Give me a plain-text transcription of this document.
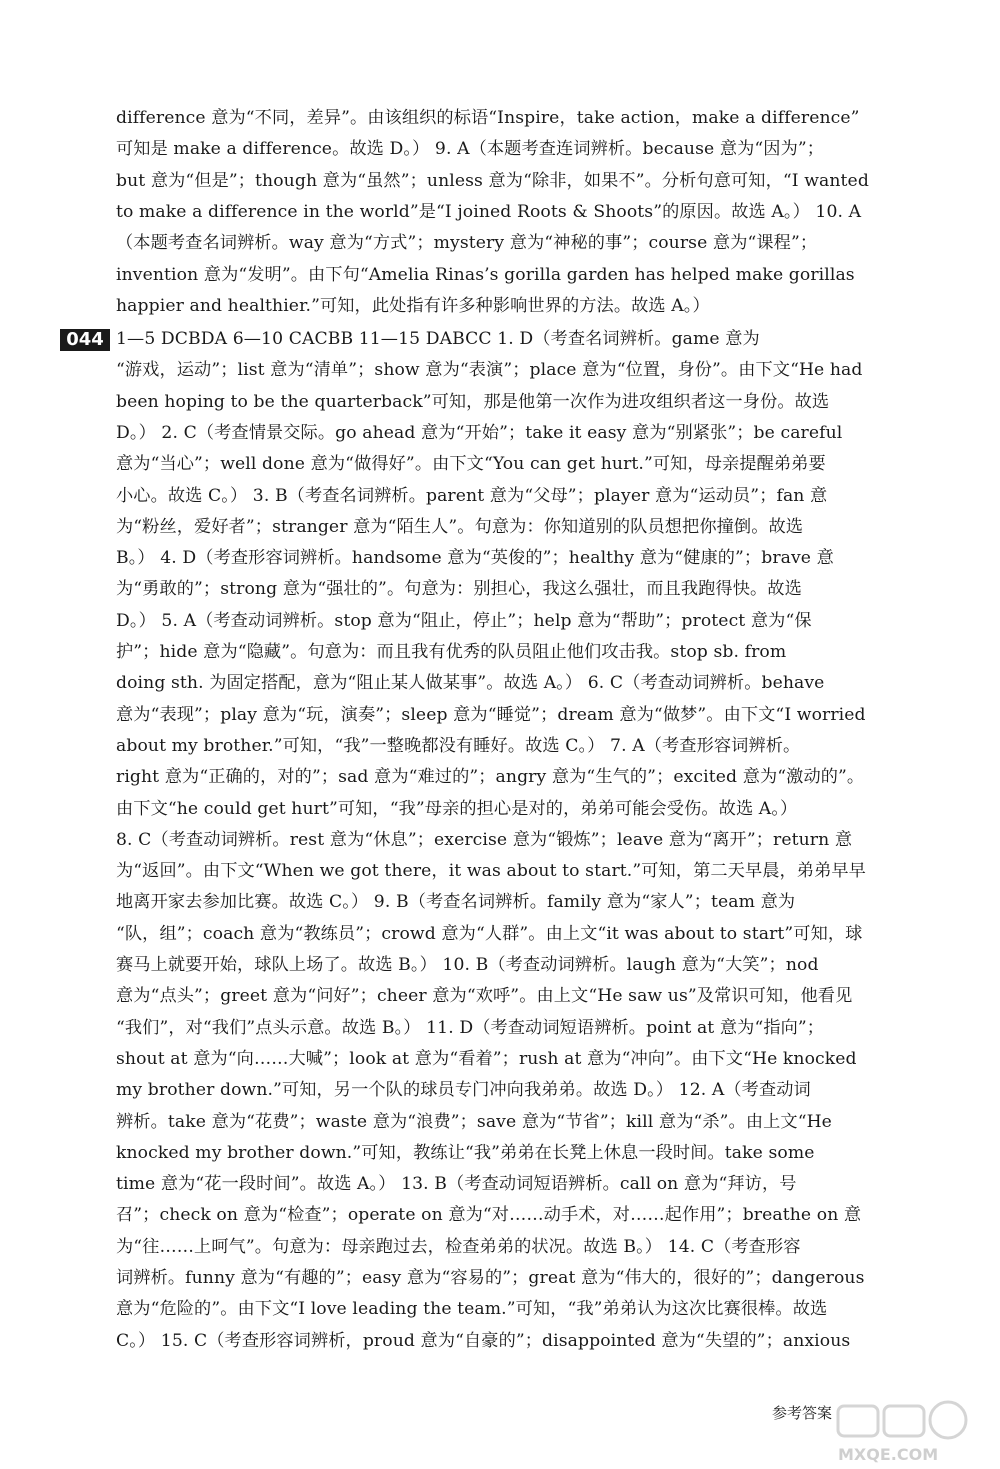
044
difference 意为“不同，差异”。由该组织的标语“Inspire，take action，make a difference”
可知是 make a difference。故选 D。） 9. A（本题考查连词辨析。because 意为“因为”；
but 意为“但是”；though 意为“虽然”；unless 意为“除非，如果不”。分析句意可知，“I wanted
to make a difference in the world”是“I joined Roots & Shoots”的原因。故选 A。） 10. A
（本题考查名词辨析。way 意为“方式”；mystery 意为“神秘的事”；course 意为“课程”；
invention 意为“发明”。由下句“Amelia Rinas’s gorilla garden has helped make gorillas
happier and healthier.”可知，此处指有许多种影响世界的方法。故选 A。）
1—5 DCBDA 6—10 CACBB 11—15 DABCC 1. D（考查名词辨析。game 意为
“游戏，运动”；list 意为“清单”；show 意为“表演”；place 意为“位置，身份”。由下文“He had
been hoping to be the quarterback”可知，那是他第一次作为进攻组织者这一身份。故选
D。） 2. C（考查情景交际。go ahead 意为“开始”；take it easy 意为“别紧张”；be careful
意为“当心”；well done 意为“做得好”。由下文“You can get hurt.”可知，母亲提醒弟弟要
小心。故选 C。） 3. B（考查名词辨析。parent 意为“父母”；player 意为“运动员”；fan 意
为“粉丝，爱好者”；stranger 意为“陌生人”。句意为：你知道别的队员想把你撞倒。故选
B。） 4. D（考查形容词辨析。handsome 意为“英俊的”；healthy 意为“健康的”；brave 意
为“勇敢的”；strong 意为“强壮的”。句意为：别担心，我这么强壮，而且我跑得快。故选
D。） 5. A（考查动词辨析。stop 意为“阻止，停止”；help 意为“帮助”；protect 意为“保
护”；hide 意为“隐藏”。句意为：而且我有优秀的队员阻止他们攻击我。stop sb. from
doing sth. 为固定搭配，意为“阻止某人做某事”。故选 A。） 6. C（考查动词辨析。behave
意为“表现”；play 意为“玩，演奏”；sleep 意为“睡觉”；dream 意为“做梦”。由下文“I worried
about my brother.”可知，“我”一整晚都没有睡好。故选 C。） 7. A（考查形容词辨析。
right 意为“正确的，对的”；sad 意为“难过的”；angry 意为“生气的”；excited 意为“激动的”。
由下文“he could get hurt”可知，“我”母亲的担心是对的，弟弟可能会受伤。故选 A。）
8. C（考查动词辨析。rest 意为“休息”；exercise 意为“锻炼”；leave 意为“离开”；return 意
为“返回”。由下文“When we got there，it was about to start.”可知，第二天早晨，弟弟早早
地离开家去参加比赛。故选 C。） 9. B（考查名词辨析。family 意为“家人”；team 意为
“队，组”；coach 意为“教练员”；crowd 意为“人群”。由上文“it was about to start”可知，球
赛马上就要开始，球队上场了。故选 B。） 10. B（考查动词辨析。laugh 意为“大笑”；nod
意为“点头”；greet 意为“问好”；cheer 意为“欢呼”。由上文“He saw us”及常识可知，他看见
“我们”，对“我们”点头示意。故选 B。） 11. D（考查动词短语辨析。point at 意为“指向”；
shout at 意为“向……大喊”；look at 意为“看着”；rush at 意为“冲向”。由下文“He knocked
my brother down.”可知，另一个队的球员专门冲向我弟弟。故选 D。） 12. A（考查动词
辨析。take 意为“花费”；waste 意为“浪费”；save 意为“节省”；kill 意为“杀”。由上文“He
knocked my brother down.”可知，教练让“我”弟弟在长凳上休息一段时间。take some
time 意为“花一段时间”。故选 A。） 13. B（考查动词短语辨析。call on 意为“拜访，号
召”；check on 意为“检查”；operate on 意为“对……动手术，对……起作用”；breathe on 意
为“往……上呵气”。句意为：母亲跑过去，检查弟弟的状况。故选 B。） 14. C（考查形容
词辨析。funny 意为“有趣的”；easy 意为“容易的”；great 意为“伟大的，很好的”；dangerous
意为“危险的”。由下文“I love leading the team.”可知，“我”弟弟认为这次比赛很棒。故选
C。） 15. C（考查形容词辨析，proud 意为“自豪的”；disappointed 意为“失望的”；anxious
参考答案
MXQE.COM
